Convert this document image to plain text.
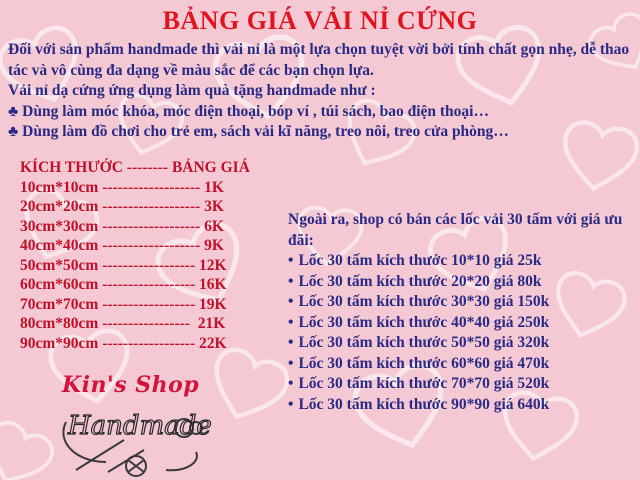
BẢNG GIÁ VẢI NỈ CỨNG

Đối với sản phẩm handmade thì vải nỉ là một lựa chọn tuyệt vời bởi tính chất gọn nhẹ, dễ thao tác và vô cùng đa dạng về màu sắc để các bạn chọn lựa.

Vải nỉ dạ cứng ứng dụng làm quà tặng handmade như :

♣ Dùng làm móc khóa, móc điện thoại, bóp ví , túi sách, bao điện thoại…

♣ Dùng làm đồ chơi cho trẻ em, sách vải kĩ năng, treo nôi, treo cửa phòng…

KÍCH THƯỚC -------- BẢNG GIÁ
10cm*10cm ------------------- 1K
20cm*20cm ------------------- 3K
30cm*30cm ------------------- 6K
40cm*40cm ------------------- 9K
50cm*50cm ------------------ 12K
60cm*60cm ------------------ 16K
70cm*70cm ------------------ 19K
80cm*80cm -----------------  21K
90cm*90cm ------------------ 22K

Ngoài ra, shop có bán các lốc vải 30 tấm với giá ưu đãi:

• Lốc 30 tấm kích thước 10*10 giá 25k
• Lốc 30 tấm kích thước 20*20 giá 80k
• Lốc 30 tấm kích thước 30*30 giá 150k
• Lốc 30 tấm kích thước 40*40 giá 250k
• Lốc 30 tấm kích thước 50*50 giá 320k
• Lốc 30 tấm kích thước 60*60 giá 470k
• Lốc 30 tấm kích thước 70*70 giá 520k
• Lốc 30 tấm kích thước 90*90 giá 640k
Kin's Shop
Handmade
